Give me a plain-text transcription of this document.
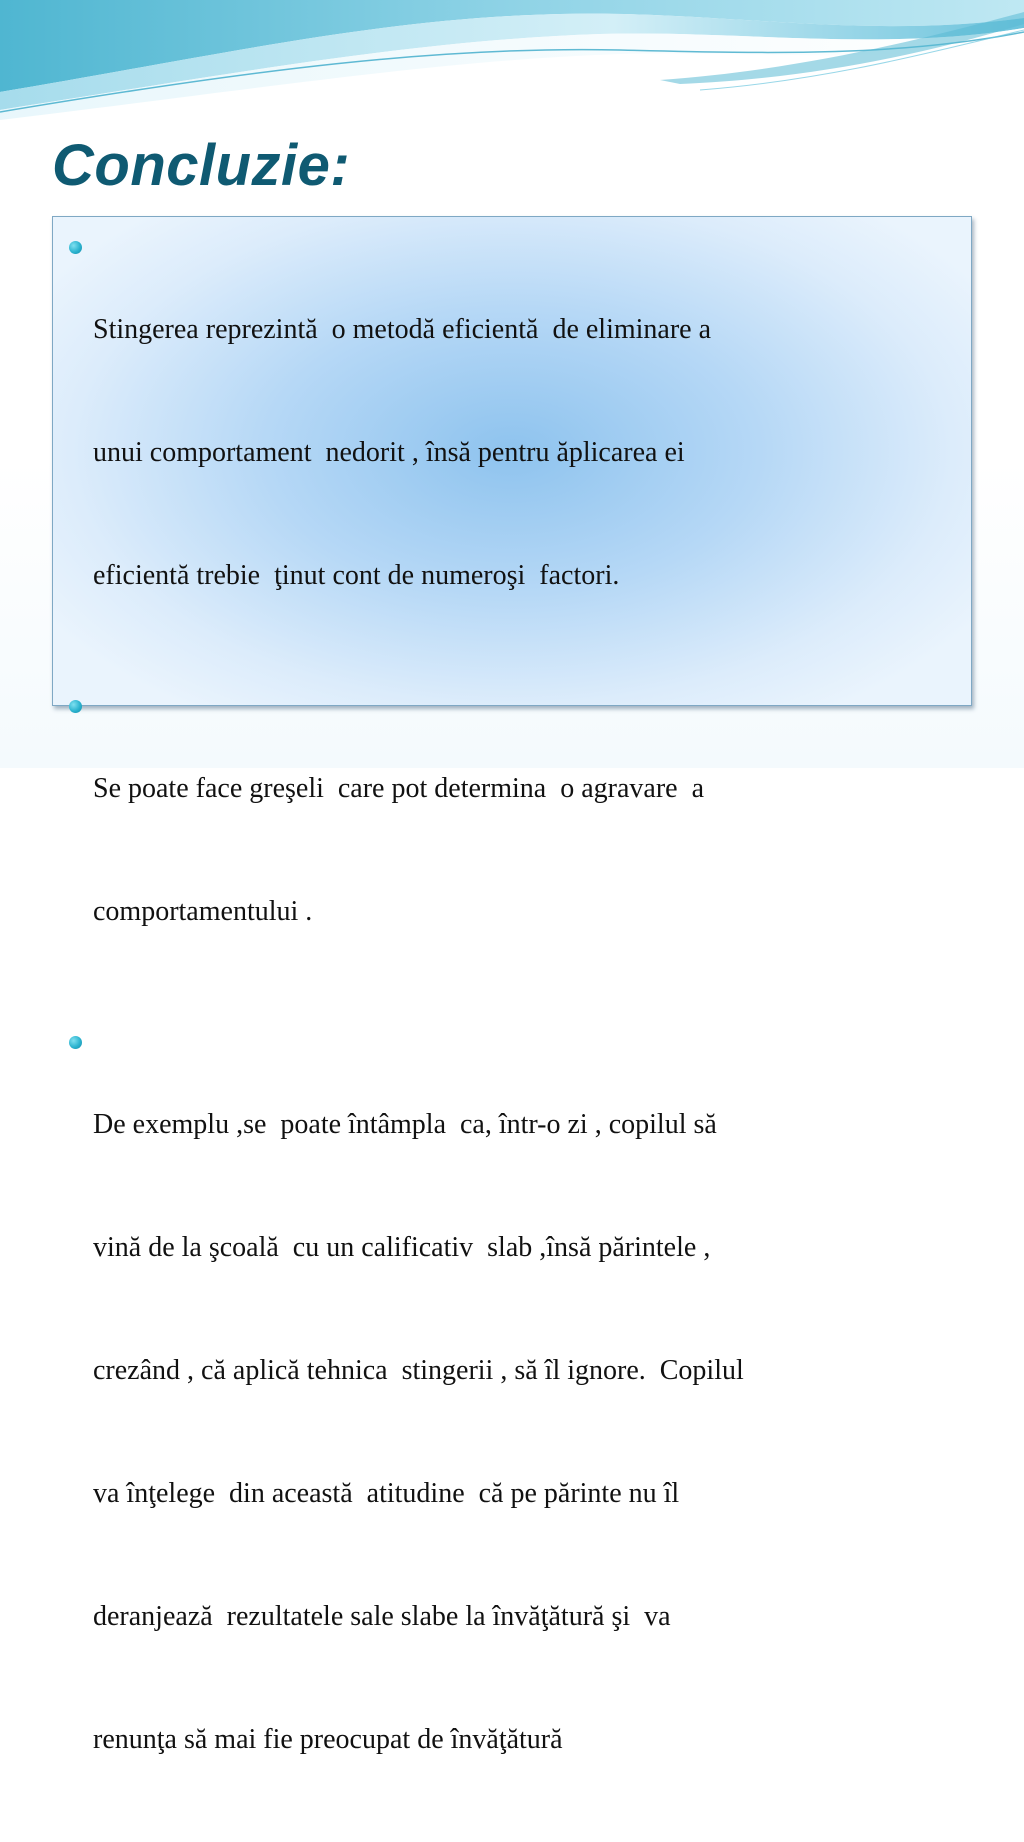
Concluzie:

Stingerea reprezintă  o metodă eficientă  de eliminare a

unui comportament  nedorit , însă pentru ăplicarea ei

eficientă trebie  ţinut cont de numeroşi  factori.

Se poate face greşeli  care pot determina  o agravare  a

comportamentului .

De exemplu ,se  poate întâmpla  ca, într-o zi , copilul să

vină de la şcoală  cu un calificativ  slab ,însă părintele ,

crezând , că aplică tehnica  stingerii , să îl ignore.  Copilul

va înţelege  din această  atitudine  că pe părinte nu îl

deranjează  rezultatele sale slabe la învăţătură şi  va

renunţa să mai fie preocupat de învăţătură
